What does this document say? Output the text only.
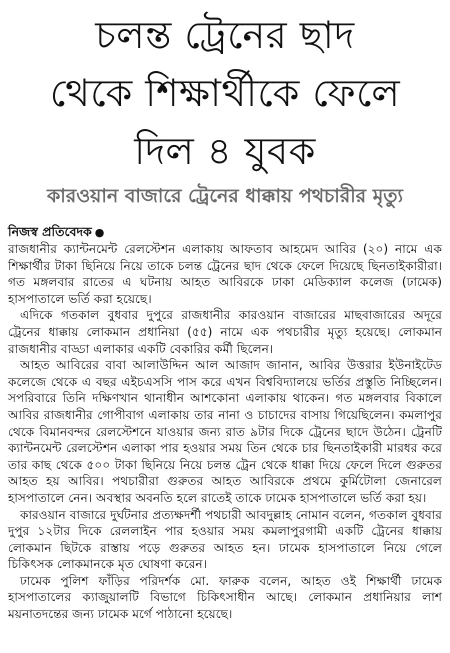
চলন্ত ট্রেনের ছাদ
থেকে শিক্ষার্থীকে ফেলে
দিল ৪ যুবক
কারওয়ান বাজারে ট্রেনের ধাক্কায় পথচারীর মৃত্যু
নিজস্ব প্রতিবেদক ●

রাজধানীর ক্যান্টনমেন্ট রেলস্টেশন এলাকায় আফতাব আহমেদ আবির (২০) নামে এক শিক্ষার্থীর টাকা ছিনিয়ে নিয়ে তাকে চলন্ত ট্রেনের ছাদ থেকে ফেলে দিয়েছে ছিনতাইকারীরা। গত মঙ্গলবার রাতের এ ঘটনায় আহত আবিরকে ঢাকা মেডিক্যাল কলেজ (ঢামেক) হাসপাতালে ভর্তি করা হয়েছে।

এদিকে গতকাল বুধবার দুপুরে রাজধানীর কারওয়ান বাজারের মাছবাজারের অদূরে ট্রেনের ধাক্কায় লোকমান প্রধানিয়া (৫৫) নামে এক পথচারীর মৃত্যু হয়েছে। লোকমান রাজধানীর বাড্ডা এলাকার একটি বেকারির কর্মী ছিলেন।

আহত আবিরের বাবা আলাউদ্দিন আল আজাদ জানান, আবির উত্তরার ইউনাইটেড কলেজে থেকে এ বছর এইচএসসি পাস করে এখন বিশ্ববিদ্যালয়ে ভর্তির প্রস্তুতি নিচ্ছিলেন। সপরিবারে তিনি দক্ষিণখান থানাধীন আশকোনা এলাকায় থাকেন। গত মঙ্গলবার বিকালে আবির রাজধানীর গোপীবাগ এলাকায় তার নানা ও চাচাদের বাসায় গিয়েছিলেন। কমলাপুর থেকে বিমানবন্দর রেলস্টেশনে যাওয়ার জন্য রাত ৯টার দিকে ট্রেনের ছাদে উঠেন। ট্রেনটি ক্যান্টনমেন্ট রেলস্টেশন এলাকা পার হওয়ার সময় তিন থেকে চার ছিনতাইকারী মারধর করে তার কাছ থেকে ৫০০ টাকা ছিনিয়ে নিয়ে চলন্ত ট্রেন থেকে ধাক্কা দিয়ে ফেলে দিলে গুরুতর আহত হয় আবির। পথচারীরা গুরুতর আহত আবিরকে প্রথমে কুর্মিটোলা জেনারেল হাসপাতালে নেন। অবস্থার অবনতি হলে রাতেই তাকে ঢামেক হাসপাতালে ভর্তি করা হয়।

কারওয়ান বাজারে দুর্ঘটনার প্রত্যক্ষদর্শী পথচারী আবদুল্লাহ নোমান বলেন, গতকাল বুধবার দুপুর ১২টার দিকে রেললাইন পার হওয়ার সময় কমলাপুরগামী একটি ট্রেনের ধাক্কায় লোকমান ছিটকে রাস্তায় পড়ে গুরুতর আহত হন। ঢামেক হাসপাতালে নিয়ে গেলে চিকিৎসক লোকমানকে মৃত ঘোষণা করেন।

ঢামেক পুলিশ ফাঁড়ির পরিদর্শক মো. ফারুক বলেন, আহত ওই শিক্ষার্থী ঢামেক হাসপাতালের ক্যাজুয়ালটি বিভাগে চিকিৎসাধীন আছে। লোকমান প্রধানিয়ার লাশ ময়নাতদন্তের জন্য ঢামেক মর্গে পাঠানো হয়েছে।
